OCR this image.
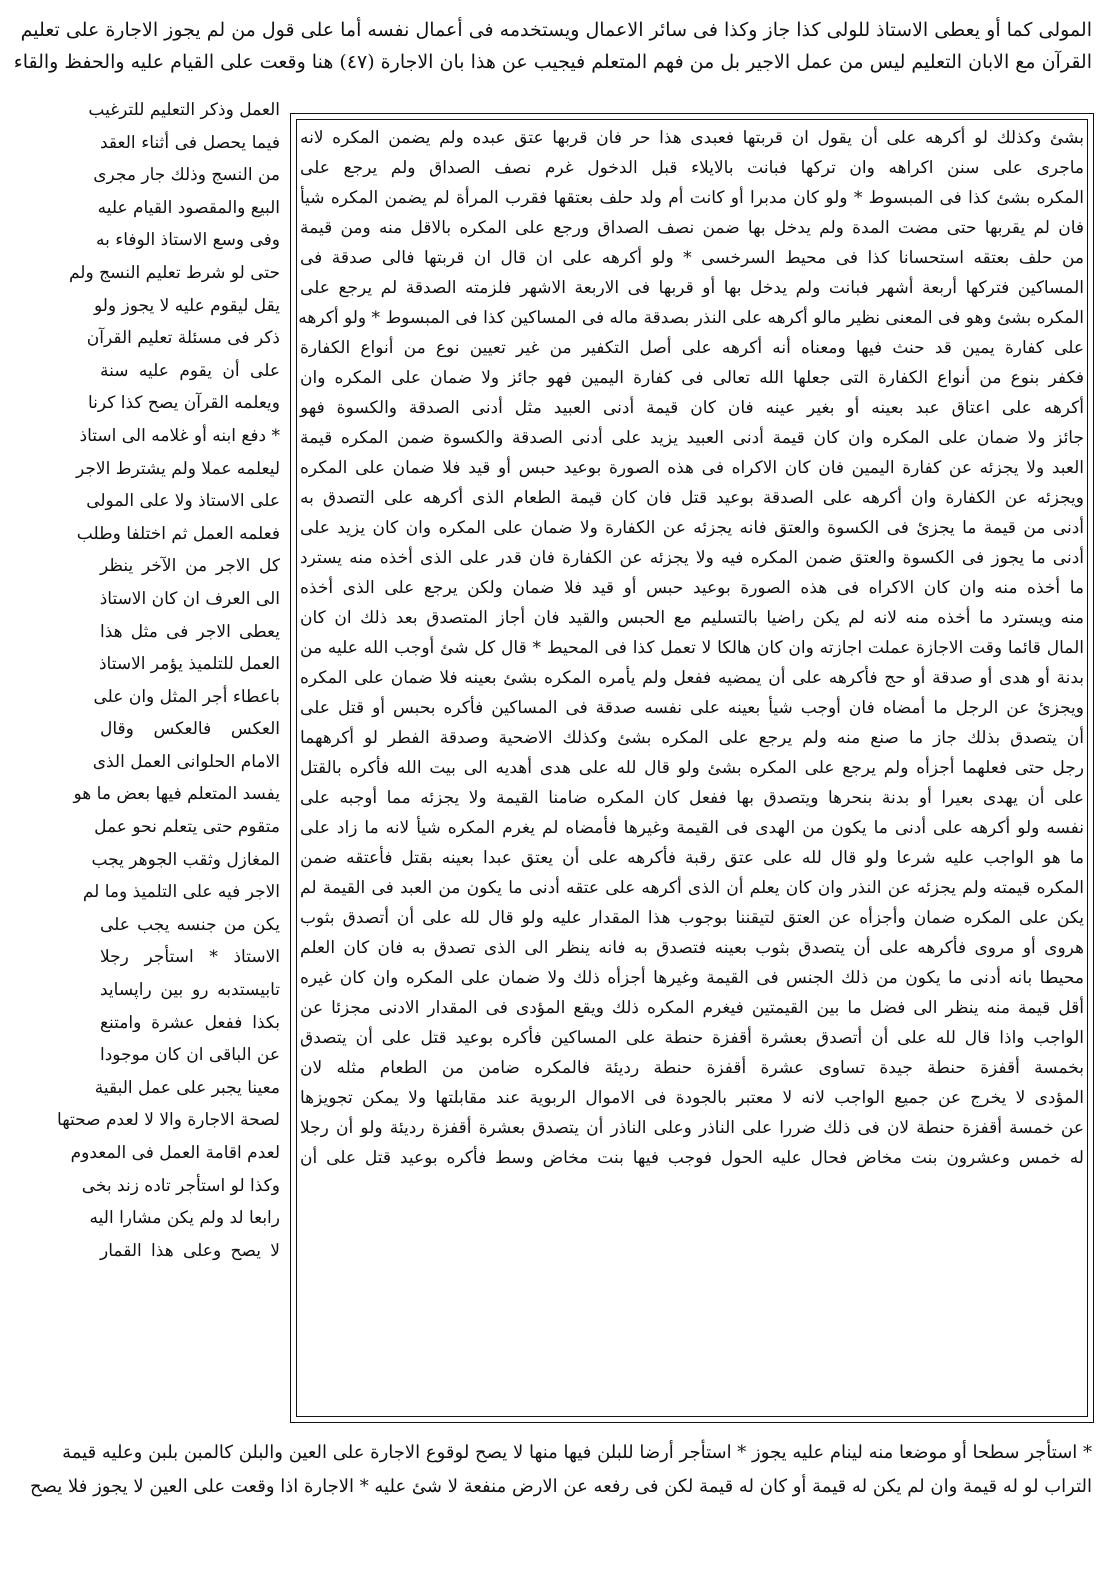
المولى كما أو يعطى الاستاذ للولى كذا جاز وكذا فى سائر الاعمال ويستخدمه فى أعمال نفسه أما على قول من لم يجوز الاجارة على تعليم
القرآن مع الابان التعليم ليس من عمل الاجير بل من فهم المتعلم فيجيب عن هذا بان الاجارة (٤٧) هنا وقعت على القيام عليه والحفظ والقاء
بشئ وكذلك لو أكرهه على أن يقول ان قربتها فعبدى هذا حر فان قربها عتق عبده ولم يضمن المكره لانه
ماجرى على سنن اكراهه وان تركها فبانت بالايلاء قبل الدخول غرم نصف الصداق ولم يرجع على
المكره بشئ كذا فى المبسوط * ولو كان مدبرا أو كانت أم ولد حلف بعتقها فقرب المرأة لم يضمن المكره شيأ
فان لم يقربها حتى مضت المدة ولم يدخل بها ضمن نصف الصداق ورجع على المكره بالاقل منه ومن قيمة
من حلف بعتقه استحسانا كذا فى محيط السرخسى * ولو أكرهه على ان قال ان قربتها فالى صدقة فى
المساكين فتركها أربعة أشهر فبانت ولم يدخل بها أو قربها فى الاربعة الاشهر فلزمته الصدقة لم يرجع على
المكره بشئ وهو فى المعنى نظير مالو أكرهه على النذر بصدقة ماله فى المساكين كذا فى المبسوط * ولو أكرهه
على كفارة يمين قد حنث فيها ومعناه أنه أكرهه على أصل التكفير من غير تعيين نوع من أنواع الكفارة
فكفر بنوع من أنواع الكفارة التى جعلها الله تعالى فى كفارة اليمين فهو جائز ولا ضمان على المكره وان
أكرهه على اعتاق عبد بعينه أو بغير عينه فان كان قيمة أدنى العبيد مثل أدنى الصدقة والكسوة فهو
جائز ولا ضمان على المكره وان كان قيمة أدنى العبيد يزيد على أدنى الصدقة والكسوة ضمن المكره قيمة
العبد ولا يجزئه عن كفارة اليمين فان كان الاكراه فى هذه الصورة بوعيد حبس أو قيد فلا ضمان على المكره
ويجزئه عن الكفارة وان أكرهه على الصدقة بوعيد قتل فان كان قيمة الطعام الذى أكرهه على التصدق به
أدنى من قيمة ما يجزئ فى الكسوة والعتق فانه يجزئه عن الكفارة ولا ضمان على المكره وان كان يزيد على
أدنى ما يجوز فى الكسوة والعتق ضمن المكره فيه ولا يجزئه عن الكفارة فان قدر على الذى أخذه منه يسترد
ما أخذه منه وان كان الاكراه فى هذه الصورة بوعيد حبس أو قيد فلا ضمان ولكن يرجع على الذى أخذه
منه ويسترد ما أخذه منه لانه لم يكن راضيا بالتسليم مع الحبس والقيد فان أجاز المتصدق بعد ذلك ان كان
المال قائما وقت الاجازة عملت اجازته وان كان هالكا لا تعمل كذا فى المحيط * قال كل شئ أوجب الله عليه من
بدنة أو هدى أو صدقة أو حج فأكرهه على أن يمضيه ففعل ولم يأمره المكره بشئ بعينه فلا ضمان على المكره
ويجزئ عن الرجل ما أمضاه فان أوجب شيأ بعينه على نفسه صدقة فى المساكين فأكره بحبس أو قتل على
أن يتصدق بذلك جاز ما صنع منه ولم يرجع على المكره بشئ وكذلك الاضحية وصدقة الفطر لو أكرههما
رجل حتى فعلهما أجزأه ولم يرجع على المكره بشئ ولو قال لله على هدى أهديه الى بيت الله فأكره بالقتل
على أن يهدى بعيرا أو بدنة بنحرها ويتصدق بها ففعل كان المكره ضامنا القيمة ولا يجزئه مما أوجبه على
نفسه ولو أكرهه على أدنى ما يكون من الهدى فى القيمة وغيرها فأمضاه لم يغرم المكره شيأ لانه ما زاد على
ما هو الواجب عليه شرعا ولو قال لله على عتق رقبة فأكرهه على أن يعتق عبدا بعينه بقتل فأعتقه ضمن
المكره قيمته ولم يجزئه عن النذر وان كان يعلم أن الذى أكرهه على عتقه أدنى ما يكون من العبد فى القيمة لم
يكن على المكره ضمان وأجزأه عن العتق لتيقننا بوجوب هذا المقدار عليه ولو قال لله على أن أتصدق بثوب
هروى أو مروى فأكرهه على أن يتصدق بثوب بعينه فتصدق به فانه ينظر الى الذى تصدق به فان كان العلم
محيطا بانه أدنى ما يكون من ذلك الجنس فى القيمة وغيرها أجزأه ذلك ولا ضمان على المكره وان كان غيره
أقل قيمة منه ينظر الى فضل ما بين القيمتين فيغرم المكره ذلك ويقع المؤدى فى المقدار الادنى مجزئا عن
الواجب واذا قال لله على أن أتصدق بعشرة أقفزة حنطة على المساكين فأكره بوعيد قتل على أن يتصدق
بخمسة أقفزة حنطة جيدة تساوى عشرة أقفزة حنطة رديئة فالمكره ضامن من الطعام مثله لان
المؤدى لا يخرج عن جميع الواجب لانه لا معتبر بالجودة فى الاموال الربوية عند مقابلتها ولا يمكن تجويزها
عن خمسة أقفزة حنطة لان فى ذلك ضررا على الناذر وعلى الناذر أن يتصدق بعشرة أقفزة رديئة ولو أن رجلا
له خمس وعشرون بنت مخاض فحال عليه الحول فوجب فيها بنت مخاض وسط فأكره بوعيد قتل على أن
العمل وذكر التعليم للترغيب
فيما يحصل فى أثناء العقد
من النسج وذلك جار مجرى
البيع والمقصود القيام عليه
وفى وسع الاستاذ الوفاء به
حتى لو شرط تعليم النسج ولم
يقل ليقوم عليه لا يجوز ولو
ذكر فى مسئلة تعليم القرآن
على أن يقوم عليه سنة
ويعلمه القرآن يصح كذا كرنا
* دفع ابنه أو غلامه الى استاذ
ليعلمه عملا ولم يشترط الاجر
على الاستاذ ولا على المولى
فعلمه العمل ثم اختلفا وطلب
كل الاجر من الآخر ينظر
الى العرف ان كان الاستاذ
يعطى الاجر فى مثل هذا
العمل للتلميذ يؤمر الاستاذ
باعطاء أجر المثل وان على
العكس فالعكس وقال
الامام الحلوانى العمل الذى
يفسد المتعلم فيها بعض ما هو
متقوم حتى يتعلم نحو عمل
المغازل وثقب الجوهر يجب
الاجر فيه على التلميذ وما لم
يكن من جنسه يجب على
الاستاذ * استأجر رجلا
تابيستدبه رو بين راپسايد
بكذا ففعل عشرة وامتنع
عن الباقى ان كان موجودا
معينا يجبر على عمل البقية
لصحة الاجارة والا لا لعدم صحتها
لعدم اقامة العمل فى المعدوم
وكذا لو استأجر تاده زند بخى
رابعا لد ولم يكن مشارا اليه
لا يصح وعلى هذا القمار
* استأجر سطحا أو موضعا منه لينام عليه يجوز * استأجر أرضا للبلن فيها منها لا يصح لوقوع الاجارة على العين والبلن كالمبن بلبن وعليه قيمة
التراب لو له قيمة وان لم يكن له قيمة أو كان له قيمة لكن فى رفعه عن الارض منفعة لا شئ عليه * الاجارة اذا وقعت على العين لا يجوز فلا يصح
